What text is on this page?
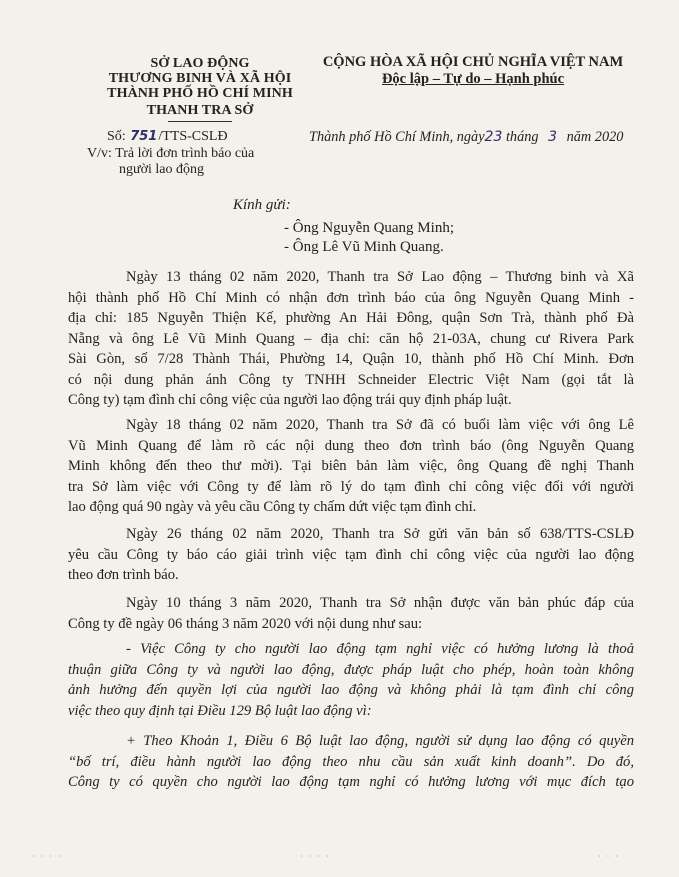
SỞ LAO ĐỘNG
THƯƠNG BINH VÀ XÃ HỘI
THÀNH PHỐ HỒ CHÍ MINH
THANH TRA SỞ
CỘNG HÒA XÃ HỘI CHỦ NGHĨA VIỆT NAM
Độc lập – Tự do – Hạnh phúc
Số: 751/TTS-CSLĐ
V/v: Trả lời đơn trình báo của
người lao động
Thành phố Hồ Chí Minh, ngày23 tháng 3 năm 2020
Kính gửi:
- Ông Nguyễn Quang Minh;
- Ông Lê Vũ Minh Quang.
Ngày 13 tháng 02 năm 2020, Thanh tra Sở Lao động – Thương binh và Xã
hội thành phố Hồ Chí Minh có nhận đơn trình báo của ông Nguyễn Quang Minh -
địa chỉ: 185 Nguyễn Thiện Kế, phường An Hải Đông, quận Sơn Trà, thành phố Đà
Nẵng và ông Lê Vũ Minh Quang – địa chỉ: căn hộ 21-03A, chung cư Rivera Park
Sài Gòn, số 7/28 Thành Thái, Phường 14, Quận 10, thành phố Hồ Chí Minh. Đơn
có nội dung phản ánh Công ty TNHH Schneider Electric Việt Nam (gọi tắt là
Công ty) tạm đình chỉ công việc của người lao động trái quy định pháp luật.
Ngày 18 tháng 02 năm 2020, Thanh tra Sở đã có buổi làm việc với ông Lê
Vũ Minh Quang để làm rõ các nội dung theo đơn trình báo (ông Nguyễn Quang
Minh không đến theo thư mời). Tại biên bản làm việc, ông Quang đề nghị Thanh
tra Sở làm việc với Công ty để làm rõ lý do tạm đình chỉ công việc đối với người
lao động quá 90 ngày và yêu cầu Công ty chấm dứt việc tạm đình chỉ.
Ngày 26 tháng 02 năm 2020, Thanh tra Sở gửi văn bản số 638/TTS-CSLĐ
yêu cầu Công ty báo cáo giải trình việc tạm đình chỉ công việc của người lao động
theo đơn trình báo.
Ngày 10 tháng 3 năm 2020, Thanh tra Sở nhận được văn bản phúc đáp của
Công ty đề ngày 06 tháng 3 năm 2020 với nội dung như sau:
- Việc Công ty cho người lao động tạm nghỉ việc có hưởng lương là thoả
thuận giữa Công ty và người lao động, được pháp luật cho phép, hoàn toàn không
ảnh hưởng đến quyền lợi của người lao động và không phải là tạm đình chỉ công
việc theo quy định tại Điều 129 Bộ luật lao động vì:
+ Theo Khoản 1, Điều 6 Bộ luật lao động, người sử dụng lao động có quyền
“bố trí, điều hành người lao động theo nhu cầu sản xuất kinh doanh”. Do đó,
Công ty có quyền cho người lao động tạm nghỉ có hưởng lương với mục đích tạo
· · · ·	· · · ·	· · ·
